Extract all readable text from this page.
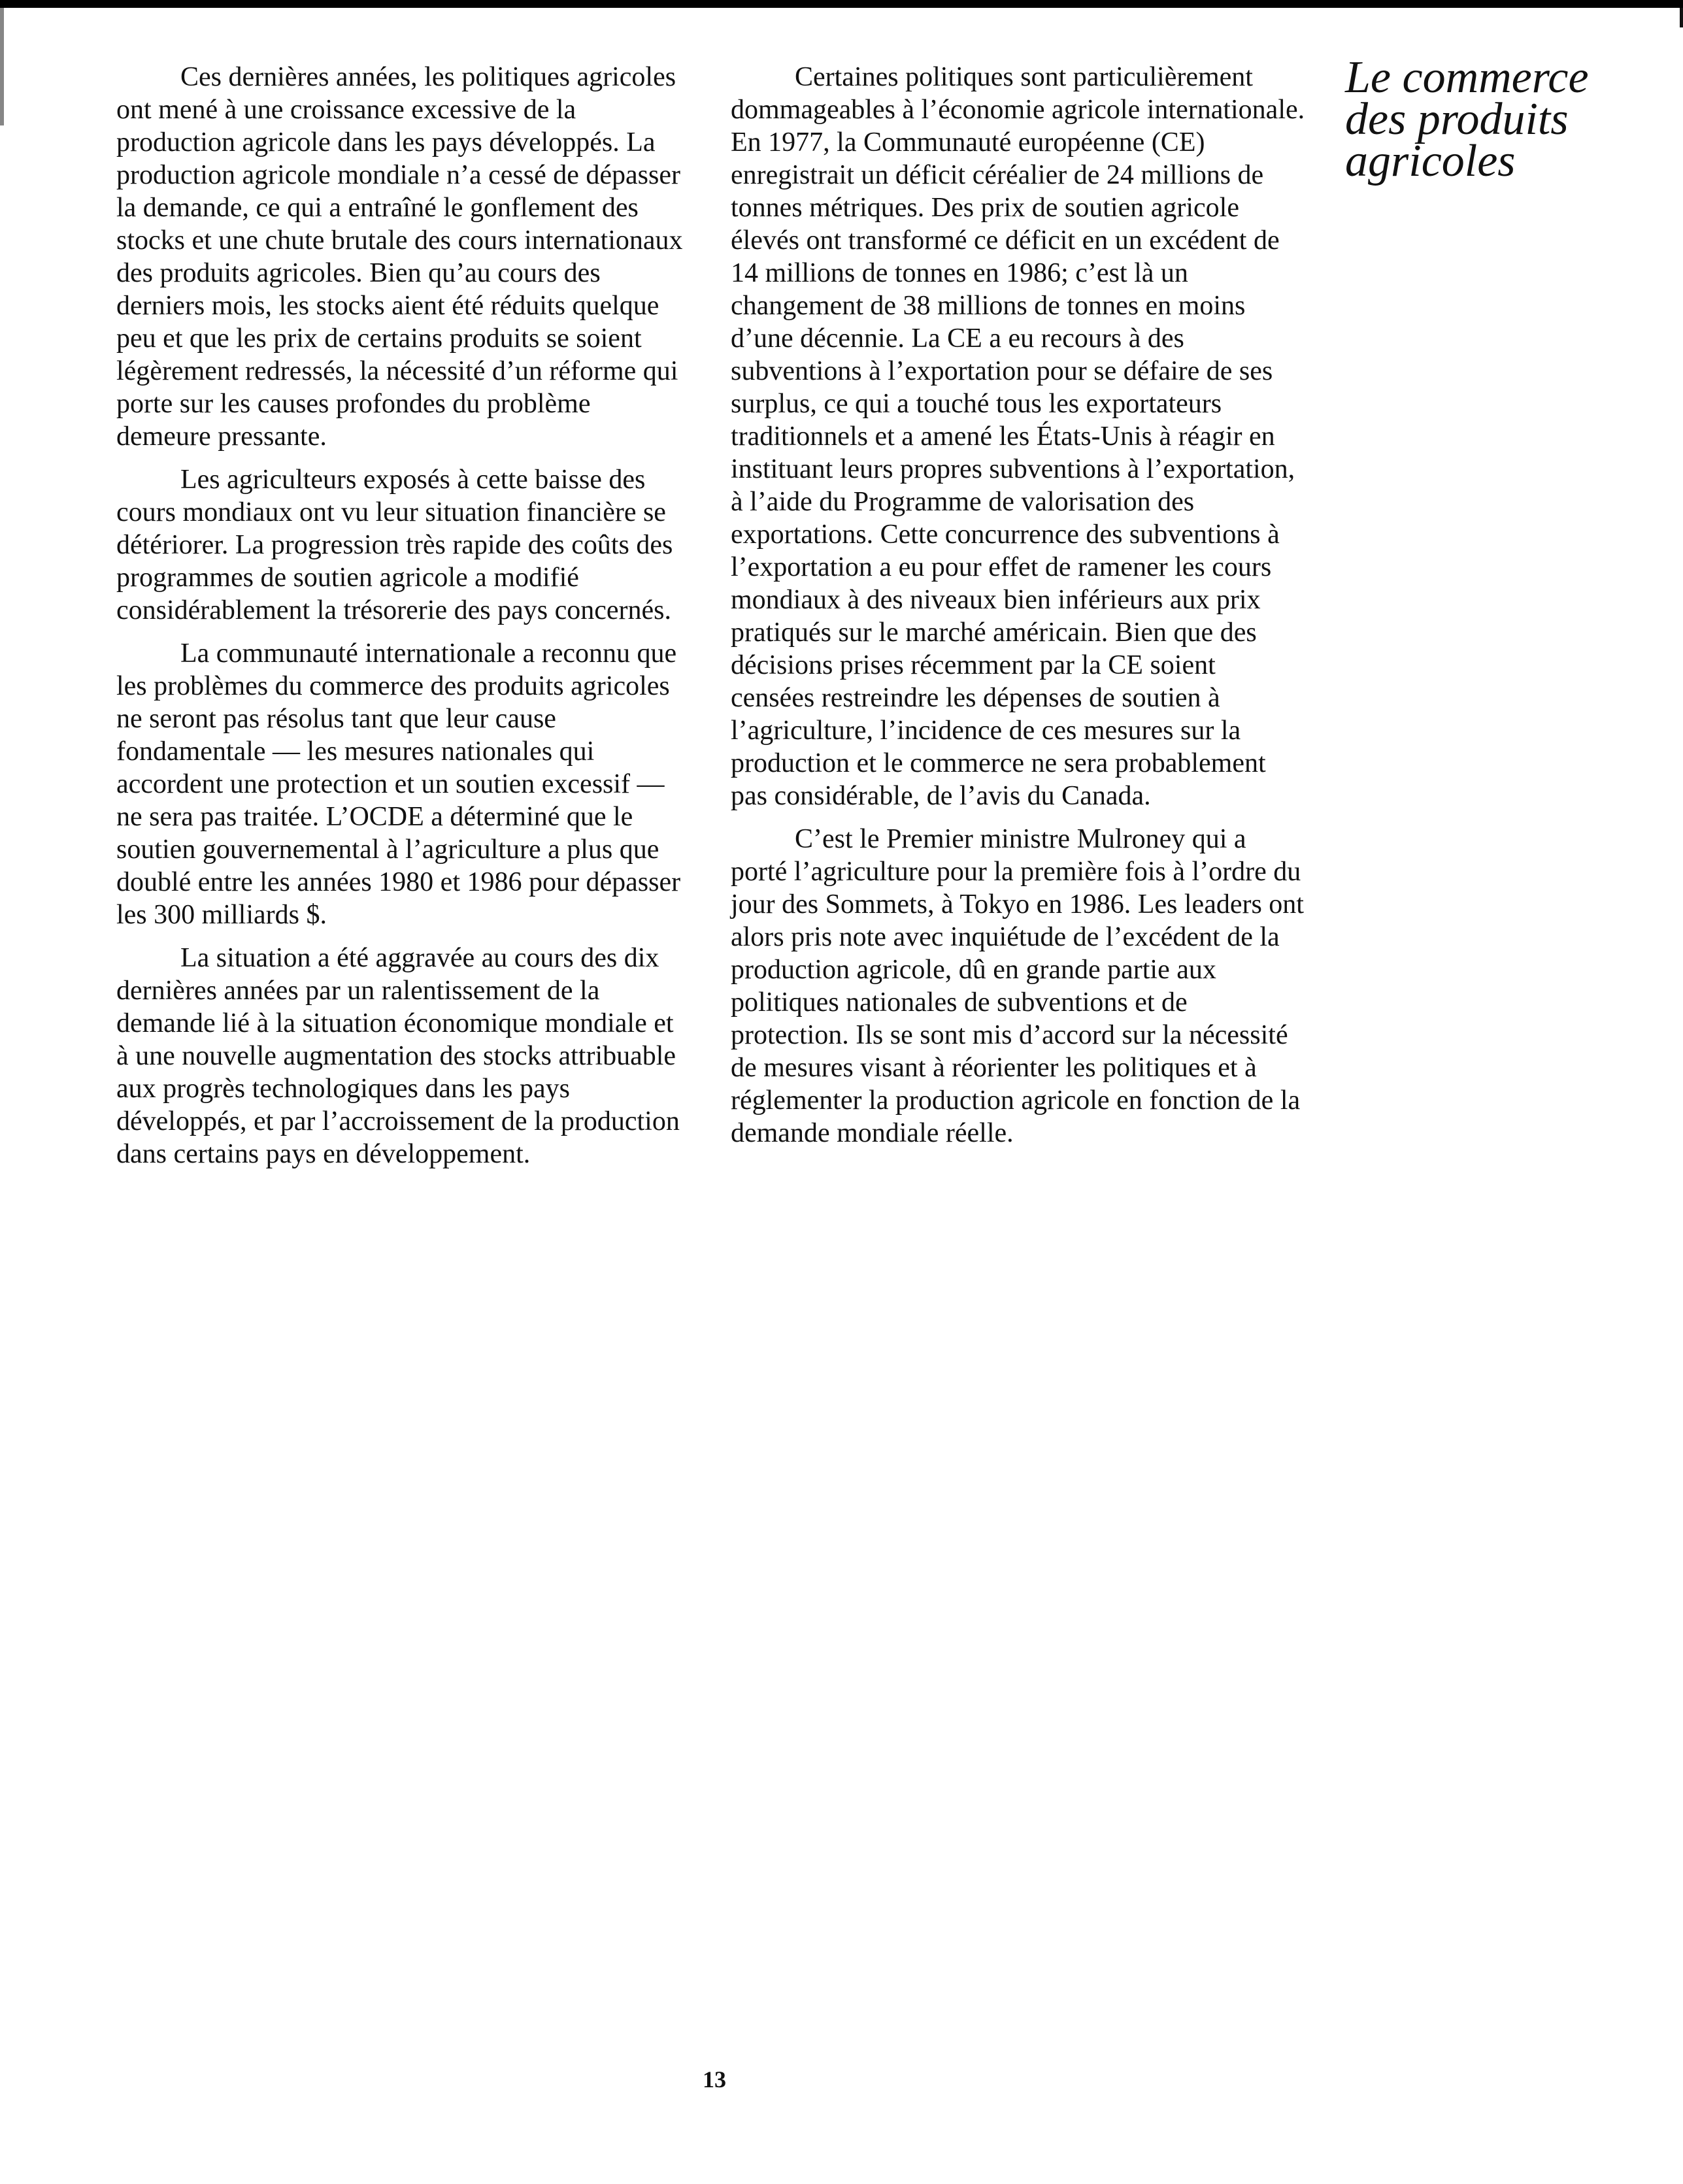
Ces dernières années, les politiques agricoles ont mené à une croissance excessive de la production agricole dans les pays développés. La production agricole mondiale n’a cessé de dépasser la demande, ce qui a entraîné le gonflement des stocks et une chute brutale des cours internationaux des produits agricoles. Bien qu’au cours des derniers mois, les stocks aient été réduits quelque peu et que les prix de certains produits se soient légèrement redressés, la nécessité d’un réforme qui porte sur les causes profondes du problème demeure pressante.

Les agriculteurs exposés à cette baisse des cours mondiaux ont vu leur situation financière se détériorer. La progression très rapide des coûts des programmes de soutien agricole a modifié considérablement la trésorerie des pays concernés.

La communauté internationale a reconnu que les problèmes du commerce des produits agricoles ne seront pas résolus tant que leur cause fondamentale — les mesures nationales qui accordent une protection et un soutien excessif — ne sera pas traitée. L’OCDE a déterminé que le soutien gouvernemental à l’agriculture a plus que doublé entre les années 1980 et 1986 pour dépasser les 300 milliards $.

La situation a été aggravée au cours des dix dernières années par un ralentissement de la demande lié à la situation économique mondiale et à une nouvelle augmentation des stocks attribuable aux progrès technologiques dans les pays développés, et par l’accroissement de la production dans certains pays en développement.

Certaines politiques sont particulièrement dommageables à l’économie agricole internationale. En 1977, la Communauté européenne (CE) enregistrait un déficit céréalier de 24 millions de tonnes métriques. Des prix de soutien agricole élevés ont transformé ce déficit en un excédent de 14 millions de tonnes en 1986; c’est là un changement de 38 millions de tonnes en moins d’une décennie. La CE a eu recours à des subventions à l’exportation pour se défaire de ses surplus, ce qui a touché tous les exportateurs traditionnels et a amené les États-Unis à réagir en instituant leurs propres subventions à l’exportation, à l’aide du Programme de valorisation des exportations. Cette concurrence des subventions à l’exportation a eu pour effet de ramener les cours mondiaux à des niveaux bien inférieurs aux prix pratiqués sur le marché américain. Bien que des décisions prises récemment par la CE soient censées restreindre les dépenses de soutien à l’agriculture, l’incidence de ces mesures sur la production et le commerce ne sera probablement pas considérable, de l’avis du Canada.

C’est le Premier ministre Mulroney qui a porté l’agriculture pour la première fois à l’ordre du jour des Sommets, à Tokyo en 1986. Les leaders ont alors pris note avec inquiétude de l’excédent de la production agricole, dû en grande partie aux politiques nationales de subventions et de protection. Ils se sont mis d’accord sur la nécessité de mesures visant à réorienter les politiques et à réglementer la production agricole en fonction de la demande mondiale réelle.

Le commerce
des produits
agricoles
13
